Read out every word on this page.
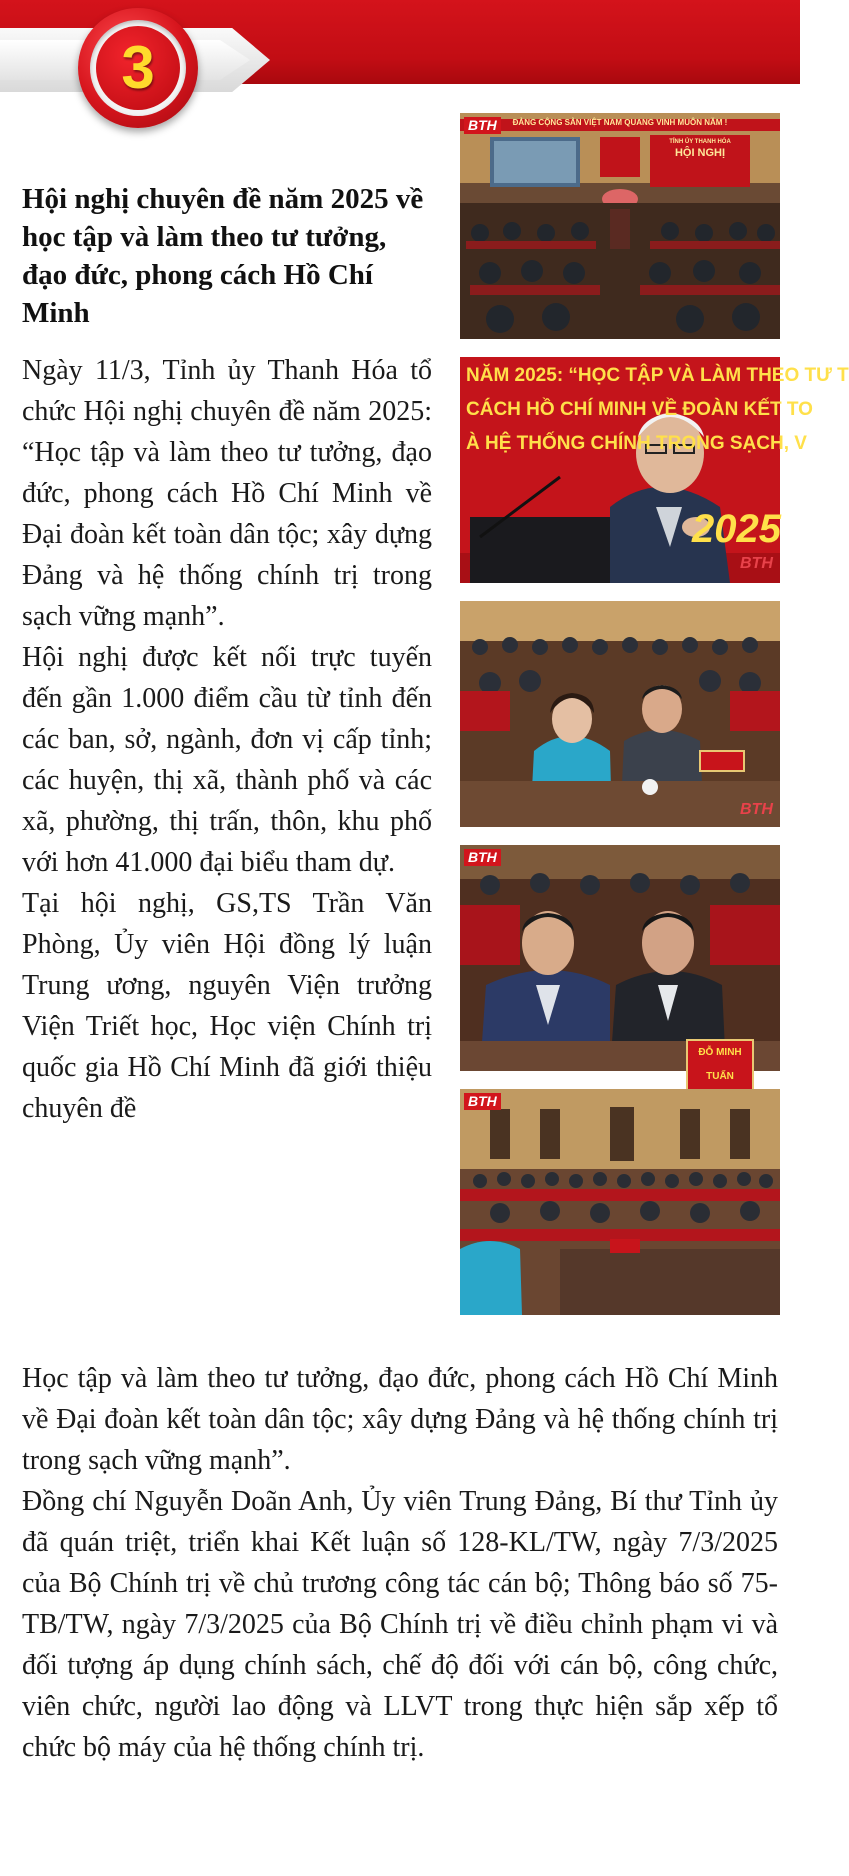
3
Hội nghị chuyên đề năm 2025 về học tập và làm theo tư tưởng, đạo đức, phong cách Hồ Chí Minh

Ngày 11/3, Tỉnh ủy Thanh Hóa tổ chức Hội nghị chuyên đề năm 2025: “Học tập và làm theo tư tưởng, đạo đức, phong cách Hồ Chí Minh về Đại đoàn kết toàn dân tộc; xây dựng Đảng và hệ thống chính trị trong sạch vững mạnh”.

Hội nghị được kết nối trực tuyến đến gần 1.000 điểm cầu từ tỉnh đến các ban, sở, ngành, đơn vị cấp tỉnh; các huyện, thị xã, thành phố và các xã, phường, thị trấn, thôn, khu phố với hơn 41.000 đại biểu tham dự.

Tại hội nghị, GS,TS Trần Văn Phòng, Ủy viên Hội đồng lý luận Trung ương, nguyên Viện trưởng Viện Triết học, Học viện Chính trị quốc gia Hồ Chí Minh đã giới thiệu chuyên đề

Học tập và làm theo tư tưởng, đạo đức, phong cách Hồ Chí Minh về Đại đoàn kết toàn dân tộc; xây dựng Đảng và hệ thống chính trị trong sạch vững mạnh”.

Đồng chí Nguyễn Doãn Anh, Ủy viên Trung Đảng, Bí thư Tỉnh ủy đã quán triệt, triển khai Kết luận số 128-KL/TW, ngày 7/3/2025 của Bộ Chính trị về chủ trương công tác cán bộ; Thông báo số 75-TB/TW, ngày 7/3/2025 của Bộ Chính trị về điều chỉnh phạm vi và đối tượng áp dụng chính sách, chế độ đối với cán bộ, công chức, viên chức, người lao động và LLVT trong thực hiện sắp xếp tổ chức bộ máy của hệ thống chính trị.

BTH	ĐẢNG CỘNG SẢN VIỆT NAM QUANG VINH MUÔN NĂM !
TỈNH ỦY THANH HÓA
HỘI NGHỊ
NĂM 2025: “HỌC TẬP VÀ LÀM THEO TƯ T
CÁCH HỒ CHÍ MINH VỀ ĐOÀN KẾT TO
À HỆ THỐNG CHÍNH TRONG SẠCH, V
2025
BTH
BTH
BTH
ĐỖ MINH TUẤN
BTH
